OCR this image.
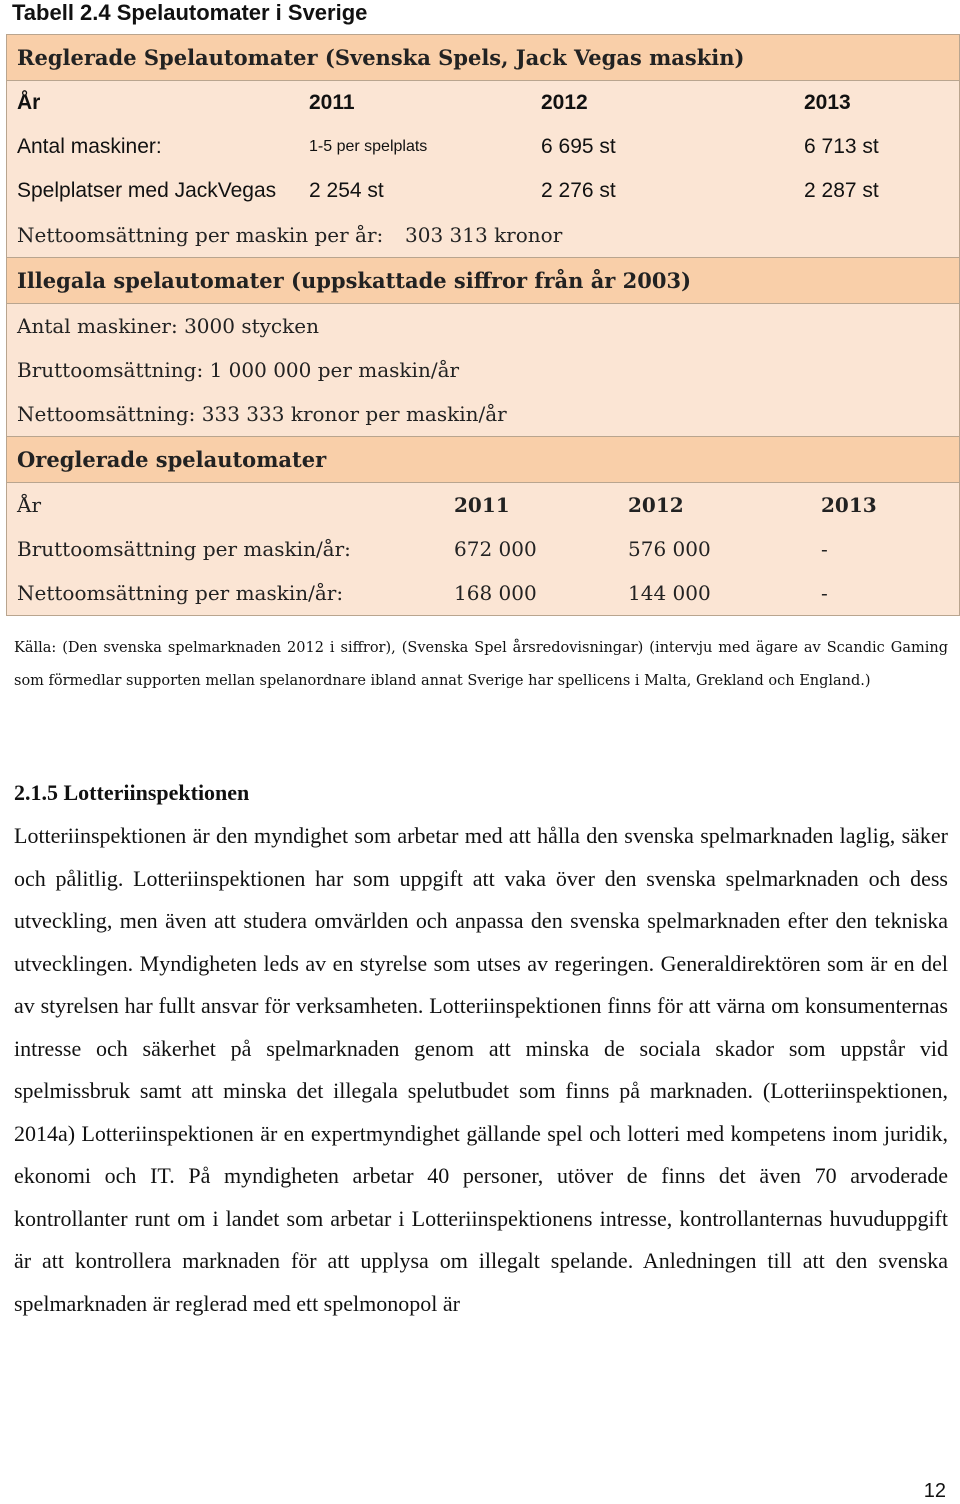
Tabell 2.4 Spelautomater i Sverige
Reglerade Spelautomater (Svenska Spels, Jack Vegas maskin)
År	2011	2012	2013
Antal maskiner:	1-5 per spelplats	6 695 st	6 713 st
Spelplatser med JackVegas 2 254 st	2 276 st	2 287 st
Nettoomsättning per maskin per år: 303 313 kronor
Illegala spelautomater (uppskattade siffror från år 2003)
Antal maskiner: 3000 stycken
Bruttoomsättning: 1 000 000 per maskin/år
Nettoomsättning: 333 333 kronor per maskin/år
Oreglerade spelautomater
År	2011	2012	2013
Bruttoomsättning per maskin/år:	672 000	576 000	-
Nettoomsättning per maskin/år:	168 000	144 000	-
Källa: (Den svenska spelmarknaden 2012 i siffror), (Svenska Spel årsredovisningar) (intervju med ägare av Scandic Gaming som förmedlar supporten mellan spelanordnare ibland annat Sverige har spellicens i Malta, Grekland och England.)
2.1.5 Lotteriinspektionen
Lotteriinspektionen är den myndighet som arbetar med att hålla den svenska spelmarknaden laglig, säker och pålitlig. Lotteriinspektionen har som uppgift att vaka över den svenska spelmarknaden och dess utveckling, men även att studera omvärlden och anpassa den svenska spelmarknaden efter den tekniska utvecklingen. Myndigheten leds av en styrelse som utses av regeringen. Generaldirektören som är en del av styrelsen har fullt ansvar för verksamheten. Lotteriinspektionen finns för att värna om konsumenternas intresse och säkerhet på spelmarknaden genom att minska de sociala skador som uppstår vid spelmissbruk samt att minska det illegala spelutbudet som finns på marknaden. (Lotteriinspektionen, 2014a) Lotteriinspektionen är en expertmyndighet gällande spel och lotteri med kompetens inom juridik, ekonomi och IT. På myndigheten arbetar 40 personer, utöver de finns det även 70 arvoderade kontrollanter runt om i landet som arbetar i Lotteriinspektionens intresse, kontrollanternas huvuduppgift är att kontrollera marknaden för att upplysa om illegalt spelande. Anledningen till att den svenska spelmarknaden är reglerad med ett spelmonopol är
12
